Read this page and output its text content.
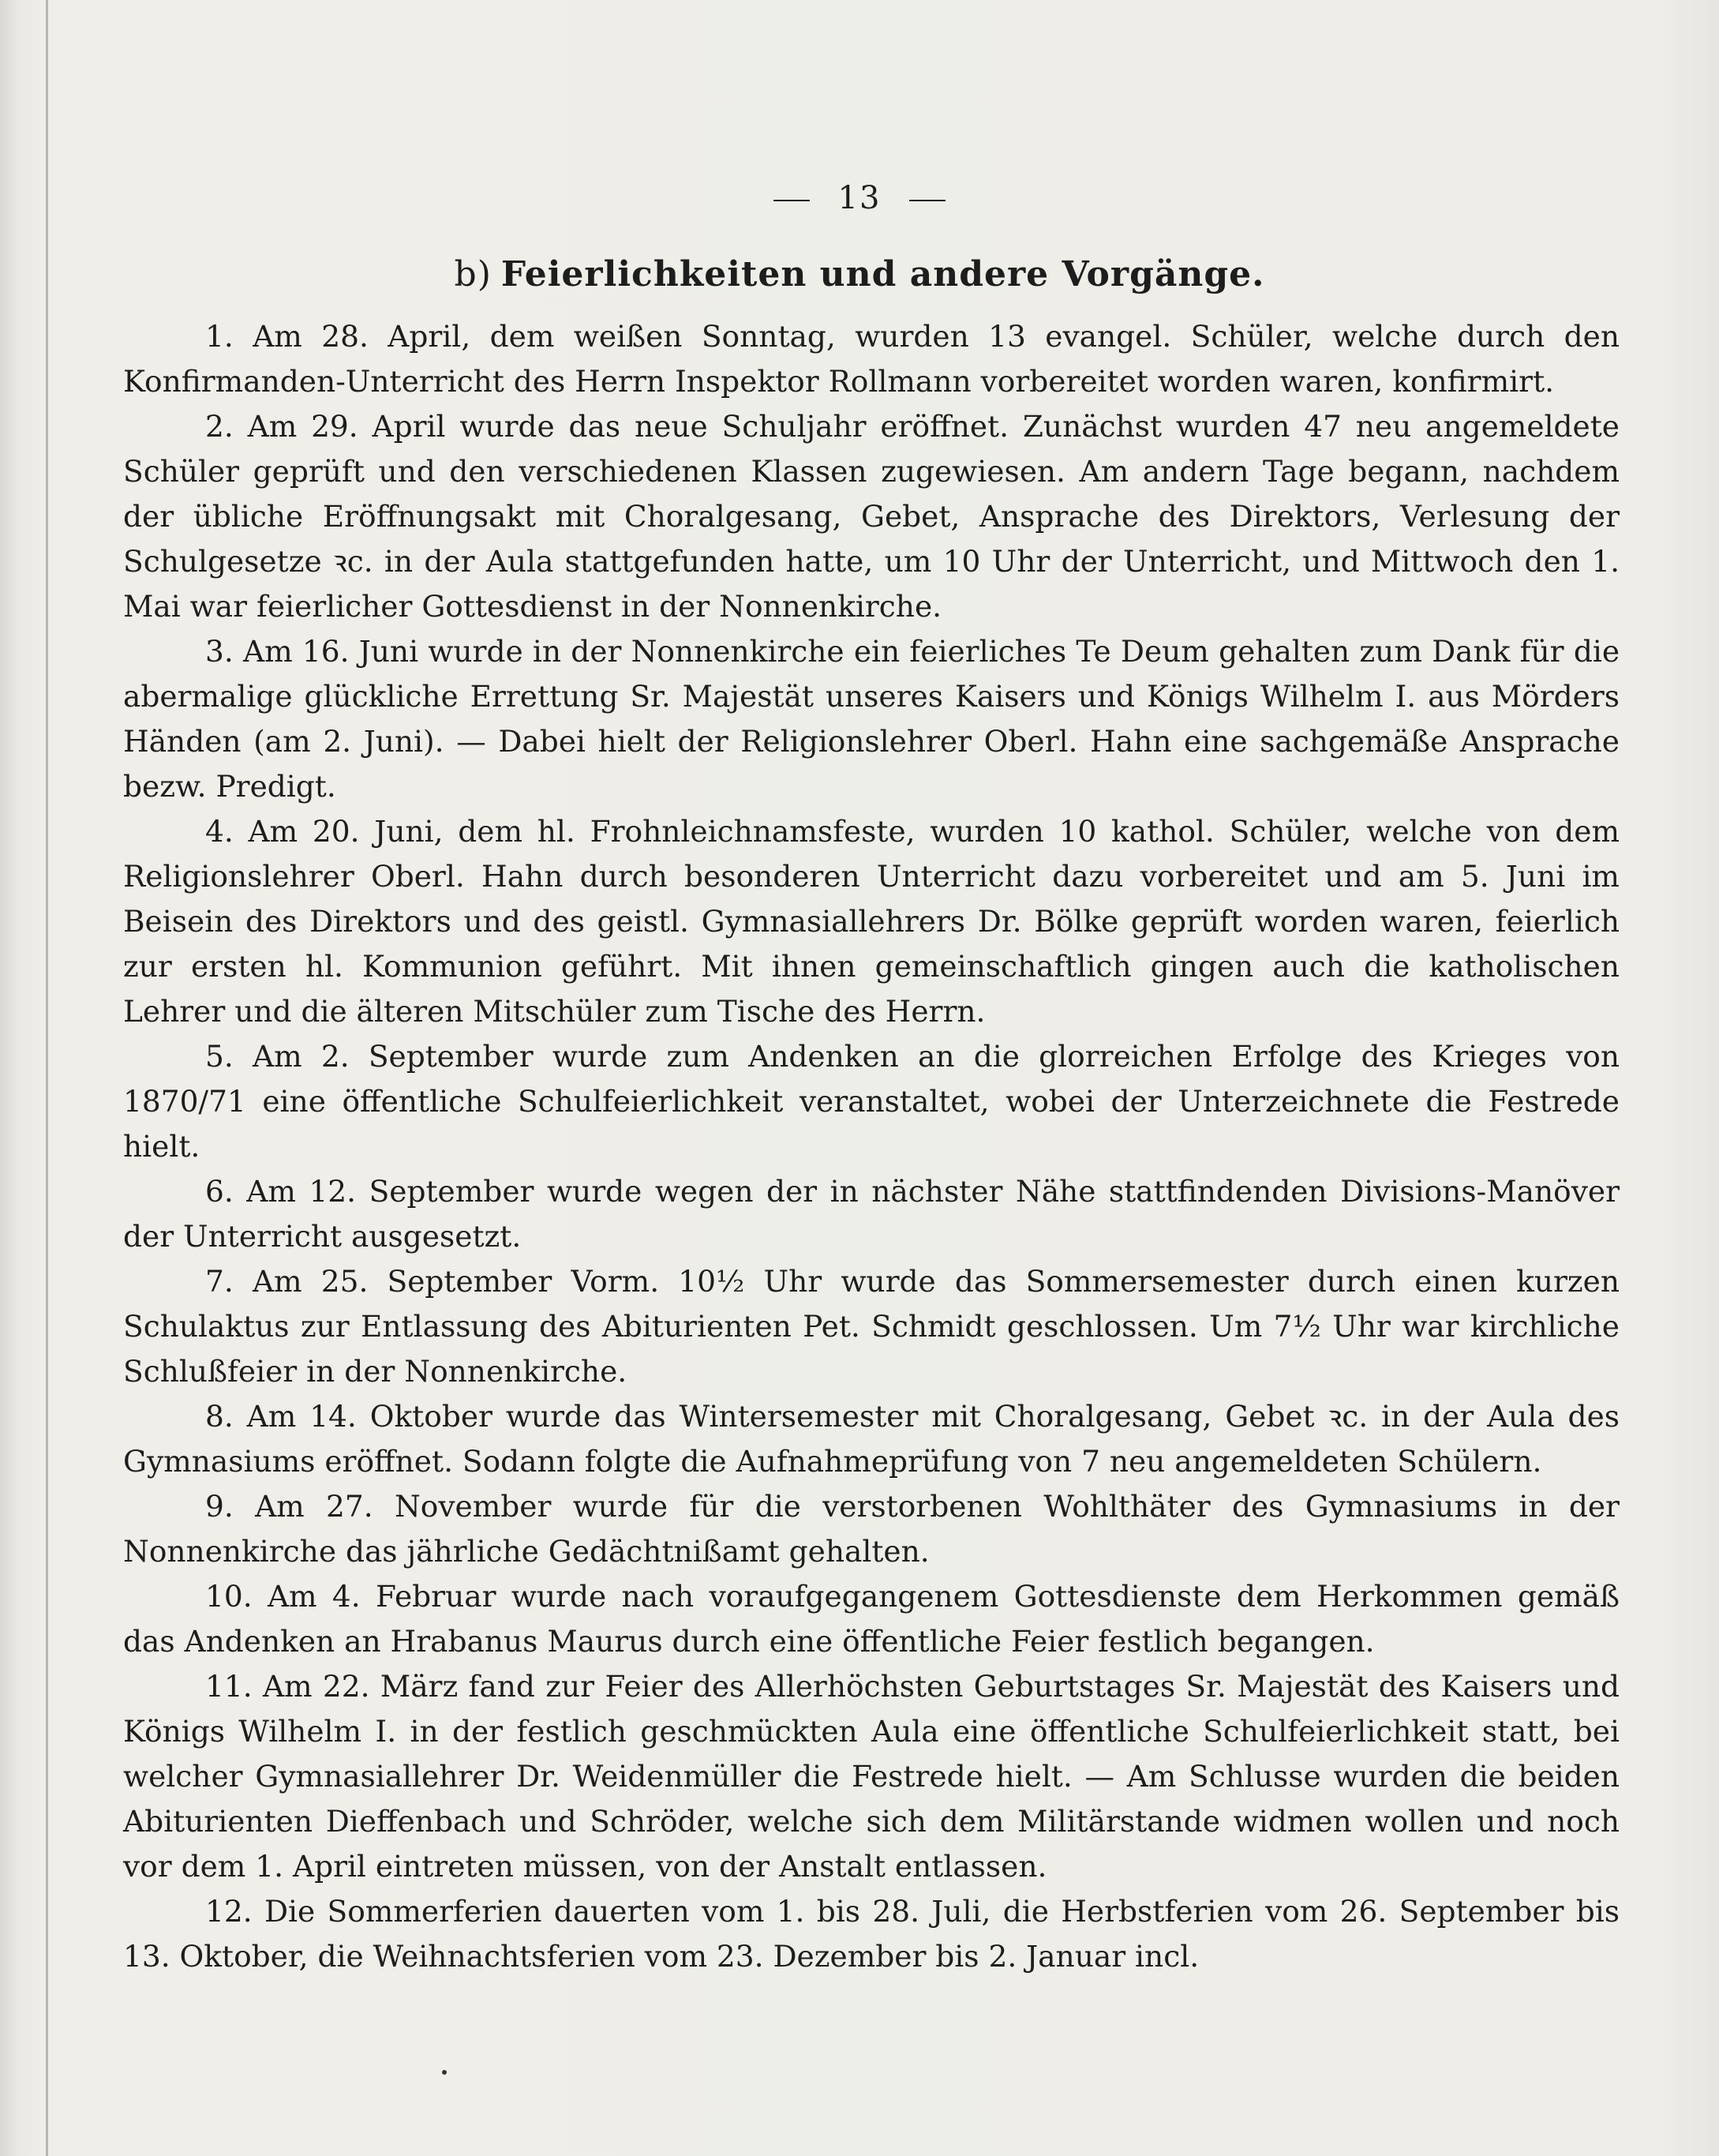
13
b) Feierlichkeiten und andere Vorgänge.

1. Am 28. April, dem weißen Sonntag, wurden 13 evangel. Schüler, welche durch den Konfirmanden-Unterricht des Herrn Inspektor Rollmann vorbereitet worden waren, konfirmirt.

2. Am 29. April wurde das neue Schuljahr eröffnet. Zunächst wurden 47 neu angemeldete Schüler geprüft und den verschiedenen Klassen zugewiesen. Am andern Tage begann, nachdem der übliche Eröffnungsakt mit Choralgesang, Gebet, Ansprache des Direktors, Verlesung der Schulgesetze ꝛc. in der Aula stattgefunden hatte, um 10 Uhr der Unterricht, und Mittwoch den 1. Mai war feierlicher Gottesdienst in der Nonnenkirche.

3. Am 16. Juni wurde in der Nonnenkirche ein feierliches Te Deum gehalten zum Dank für die abermalige glückliche Errettung Sr. Majestät unseres Kaisers und Königs Wilhelm I. aus Mörders Händen (am 2. Juni). — Dabei hielt der Religionslehrer Oberl. Hahn eine sachgemäße Ansprache bezw. Predigt.

4. Am 20. Juni, dem hl. Frohnleichnamsfeste, wurden 10 kathol. Schüler, welche von dem Religionslehrer Oberl. Hahn durch besonderen Unterricht dazu vorbereitet und am 5. Juni im Beisein des Direktors und des geistl. Gymnasiallehrers Dr. Bölke geprüft worden waren, feierlich zur ersten hl. Kommunion geführt. Mit ihnen gemeinschaftlich gingen auch die katholischen Lehrer und die älteren Mitschüler zum Tische des Herrn.

5. Am 2. September wurde zum Andenken an die glorreichen Erfolge des Krieges von 1870/71 eine öffentliche Schulfeierlichkeit veranstaltet, wobei der Unterzeichnete die Festrede hielt.

6. Am 12. September wurde wegen der in nächster Nähe stattfindenden Divisions-Manöver der Unterricht ausgesetzt.

7. Am 25. September Vorm. 10½ Uhr wurde das Sommersemester durch einen kurzen Schulaktus zur Entlassung des Abiturienten Pet. Schmidt geschlossen. Um 7½ Uhr war kirchliche Schlußfeier in der Nonnenkirche.

8. Am 14. Oktober wurde das Wintersemester mit Choralgesang, Gebet ꝛc. in der Aula des Gymnasiums eröffnet. Sodann folgte die Aufnahmeprüfung von 7 neu angemeldeten Schülern.

9. Am 27. November wurde für die verstorbenen Wohlthäter des Gymnasiums in der Nonnenkirche das jährliche Gedächtnißamt gehalten.

10. Am 4. Februar wurde nach voraufgegangenem Gottesdienste dem Herkommen gemäß das Andenken an Hrabanus Maurus durch eine öffentliche Feier festlich begangen.

11. Am 22. März fand zur Feier des Allerhöchsten Geburtstages Sr. Majestät des Kaisers und Königs Wilhelm I. in der festlich geschmückten Aula eine öffentliche Schulfeierlichkeit statt, bei welcher Gymnasiallehrer Dr. Weidenmüller die Festrede hielt. — Am Schlusse wurden die beiden Abiturienten Dieffenbach und Schröder, welche sich dem Militärstande widmen wollen und noch vor dem 1. April eintreten müssen, von der Anstalt entlassen.

12. Die Sommerferien dauerten vom 1. bis 28. Juli, die Herbstferien vom 26. September bis 13. Oktober, die Weihnachtsferien vom 23. Dezember bis 2. Januar incl.
